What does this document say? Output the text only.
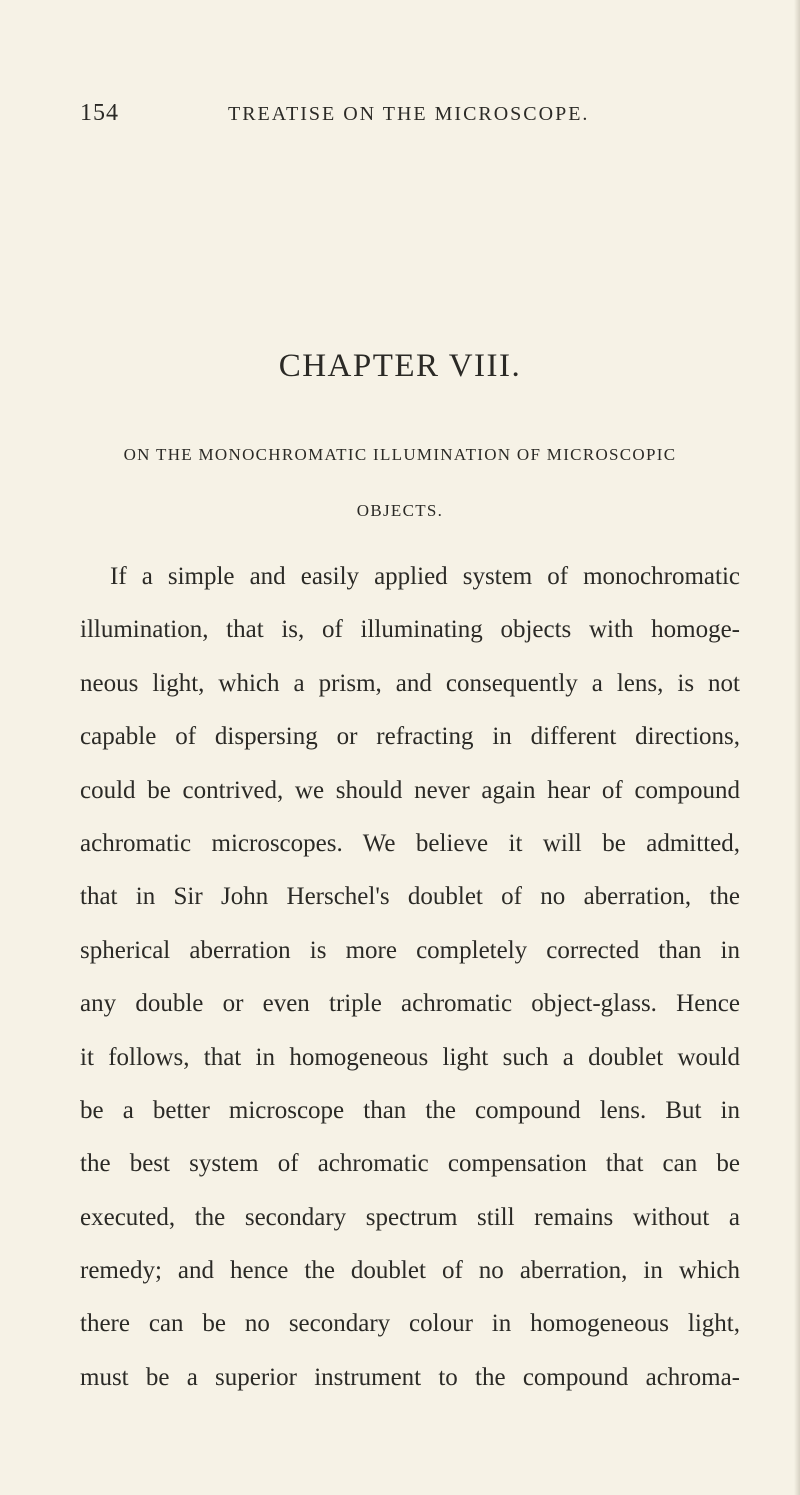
154	TREATISE ON THE MICROSCOPE.
CHAPTER VIII.
ON THE MONOCHROMATIC ILLUMINATION OF MICROSCOPIC
OBJECTS.
If a simple and easily applied system of monochromatic
illumination, that is, of illuminating objects with homoge-
neous light, which a prism, and consequently a lens, is not
capable of dispersing or refracting in different directions,
could be contrived, we should never again hear of compound
achromatic microscopes. We believe it will be admitted,
that in Sir John Herschel's doublet of no aberration, the
spherical aberration is more completely corrected than in
any double or even triple achromatic object-glass. Hence
it follows, that in homogeneous light such a doublet would
be a better microscope than the compound lens. But in
the best system of achromatic compensation that can be
executed, the secondary spectrum still remains without a
remedy; and hence the doublet of no aberration, in which
there can be no secondary colour in homogeneous light,
must be a superior instrument to the compound achroma-
